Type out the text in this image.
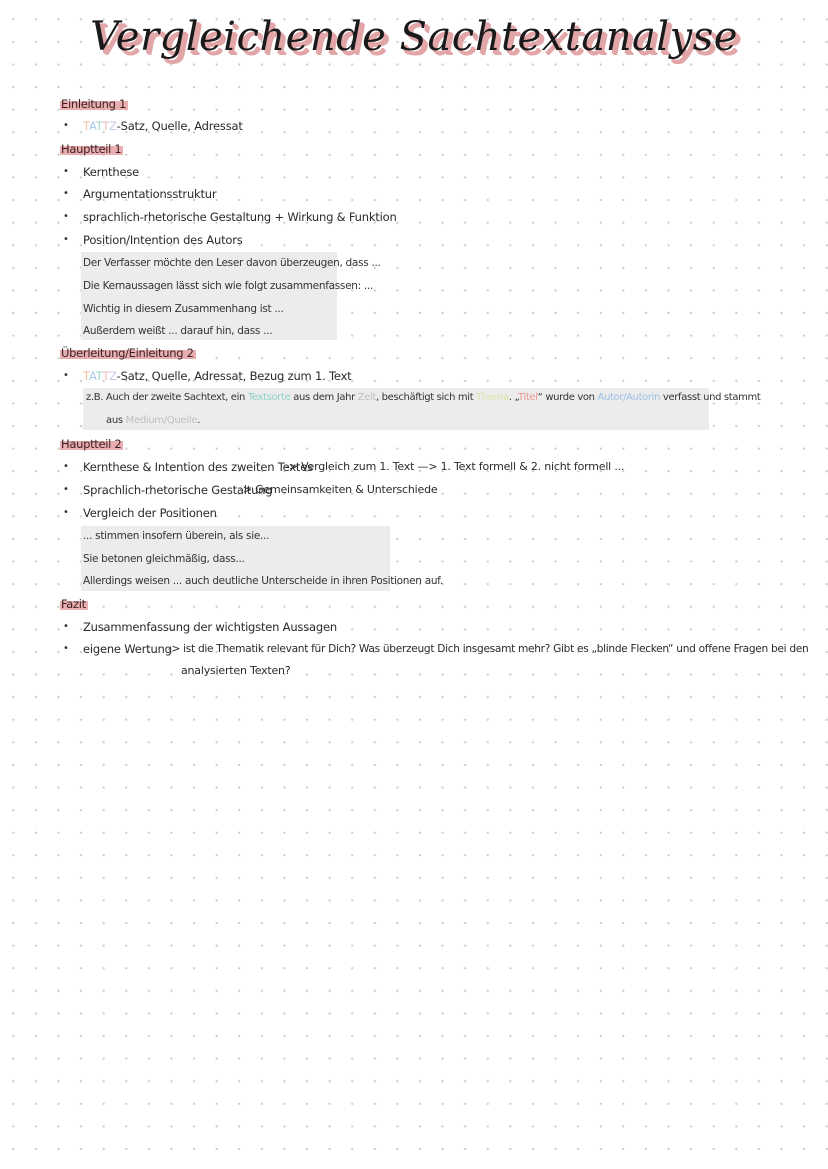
Vergleichende Sachtextanalyse
Einleitung 1
• TATTZ-Satz, Quelle, Adressat
Hauptteil 1
• Kernthese
• Argumentationsstruktur
• sprachlich-rhetorische Gestaltung + Wirkung & Funktion
• Position/Intention des Autors
Der Verfasser möchte den Leser davon überzeugen, dass ...
Die Kernaussagen lässt sich wie folgt zusammenfassen: ...
Wichtig in diesem Zusammenhang ist ...
Außerdem weißt ... darauf hin, dass ...
Überleitung/Einleitung 2
• TATTZ-Satz, Quelle, Adressat, Bezug zum 1. Text
z.B. Auch der zweite Sachtext, ein Textsorte aus dem Jahr Zeit, beschäftigt sich mit Thema. „Titel“ wurde von Autor/Autorin verfasst und stammt
aus Medium/Quelle.
Hauptteil 2
• Kernthese & Intention des zweiten Textes
-> Vergleich zum 1. Text —> 1. Text formell & 2. nicht formell ...
• Sprachlich-rhetorische Gestaltung
-> Gemeinsamkeiten & Unterschiede
• Vergleich der Positionen
... stimmen insofern überein, als sie...
Sie betonen gleichmäßig, dass...
Allerdings weisen ... auch deutliche Unterscheide in ihren Positionen auf.
Fazit
• Zusammenfassung der wichtigsten Aussagen
• eigene Wertung
-> ist die Thematik relevant für Dich? Was überzeugt Dich insgesamt mehr? Gibt es „blinde Flecken“ und offene Fragen bei den
analysierten Texten?
